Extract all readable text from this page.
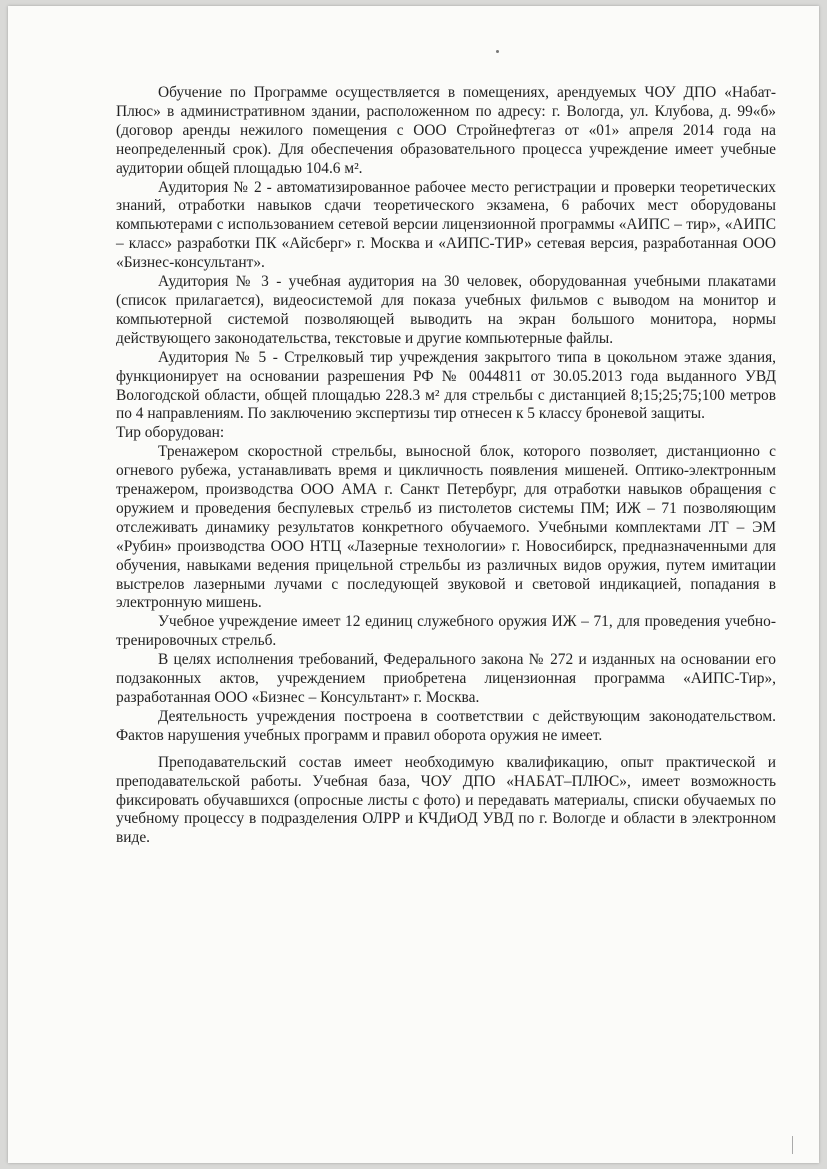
Обучение по Программе осуществляется в помещениях, арендуемых ЧОУ ДПО «Набат-Плюс» в административном здании, расположенном по адресу: г. Вологда, ул. Клубова, д. 99«б» (договор аренды нежилого помещения с ООО Стройнефтегаз от «01» апреля 2014 года на неопределенный срок). Для обеспечения образовательного процесса учреждение имеет учебные аудитории общей площадью 104.6 м².

Аудитория № 2 - автоматизированное рабочее место регистрации и проверки теоретических знаний, отработки навыков сдачи теоретического экзамена, 6 рабочих мест оборудованы компьютерами с использованием сетевой версии лицензионной программы «АИПС – тир», «АИПС – класс» разработки ПК «Айсберг» г. Москва и «АИПС-ТИР» сетевая версия, разработанная ООО «Бизнес-консультант».

Аудитория № 3 - учебная аудитория на 30 человек, оборудованная учебными плакатами (список прилагается), видеосистемой для показа учебных фильмов с выводом на монитор и компьютерной системой позволяющей выводить на экран большого монитора, нормы действующего законодательства, текстовые и другие компьютерные файлы.

Аудитория № 5 - Стрелковый тир учреждения закрытого типа в цокольном этаже здания, функционирует на основании разрешения РФ № 0044811 от 30.05.2013 года выданного УВД Вологодской области, общей площадью 228.3 м² для стрельбы с дистанцией 8;15;25;75;100 метров по 4 направлениям. По заключению экспертизы тир отнесен к 5 классу броневой защиты.

Тир оборудован:

Тренажером скоростной стрельбы, выносной блок, которого позволяет, дистанционно с огневого рубежа, устанавливать время и цикличность появления мишеней. Оптико-электронным тренажером, производства ООО АМА г. Санкт Петербург, для отработки навыков обращения с оружием и проведения беспулевых стрельб из пистолетов системы ПМ; ИЖ – 71 позволяющим отслеживать динамику результатов конкретного обучаемого. Учебными комплектами ЛТ – ЭМ «Рубин» производства ООО НТЦ «Лазерные технологии» г. Новосибирск, предназначенными для обучения, навыками ведения прицельной стрельбы из различных видов оружия, путем имитации выстрелов лазерными лучами с последующей звуковой и световой индикацией, попадания в электронную мишень.

Учебное учреждение имеет 12 единиц служебного оружия ИЖ – 71, для проведения учебно-тренировочных стрельб.

В целях исполнения требований, Федерального закона № 272 и изданных на основании его подзаконных актов, учреждением приобретена лицензионная программа «АИПС-Тир», разработанная ООО «Бизнес – Консультант» г. Москва.

Деятельность учреждения построена в соответствии с действующим законодательством. Фактов нарушения учебных программ и правил оборота оружия не имеет.

Преподавательский состав имеет необходимую квалификацию, опыт практической и преподавательской работы. Учебная база, ЧОУ ДПО «НАБАТ–ПЛЮС», имеет возможность фиксировать обучавшихся (опросные листы с фото) и передавать материалы, списки обучаемых по учебному процессу в подразделения ОЛРР и КЧДиОД УВД по г. Вологде и области в электронном виде.
